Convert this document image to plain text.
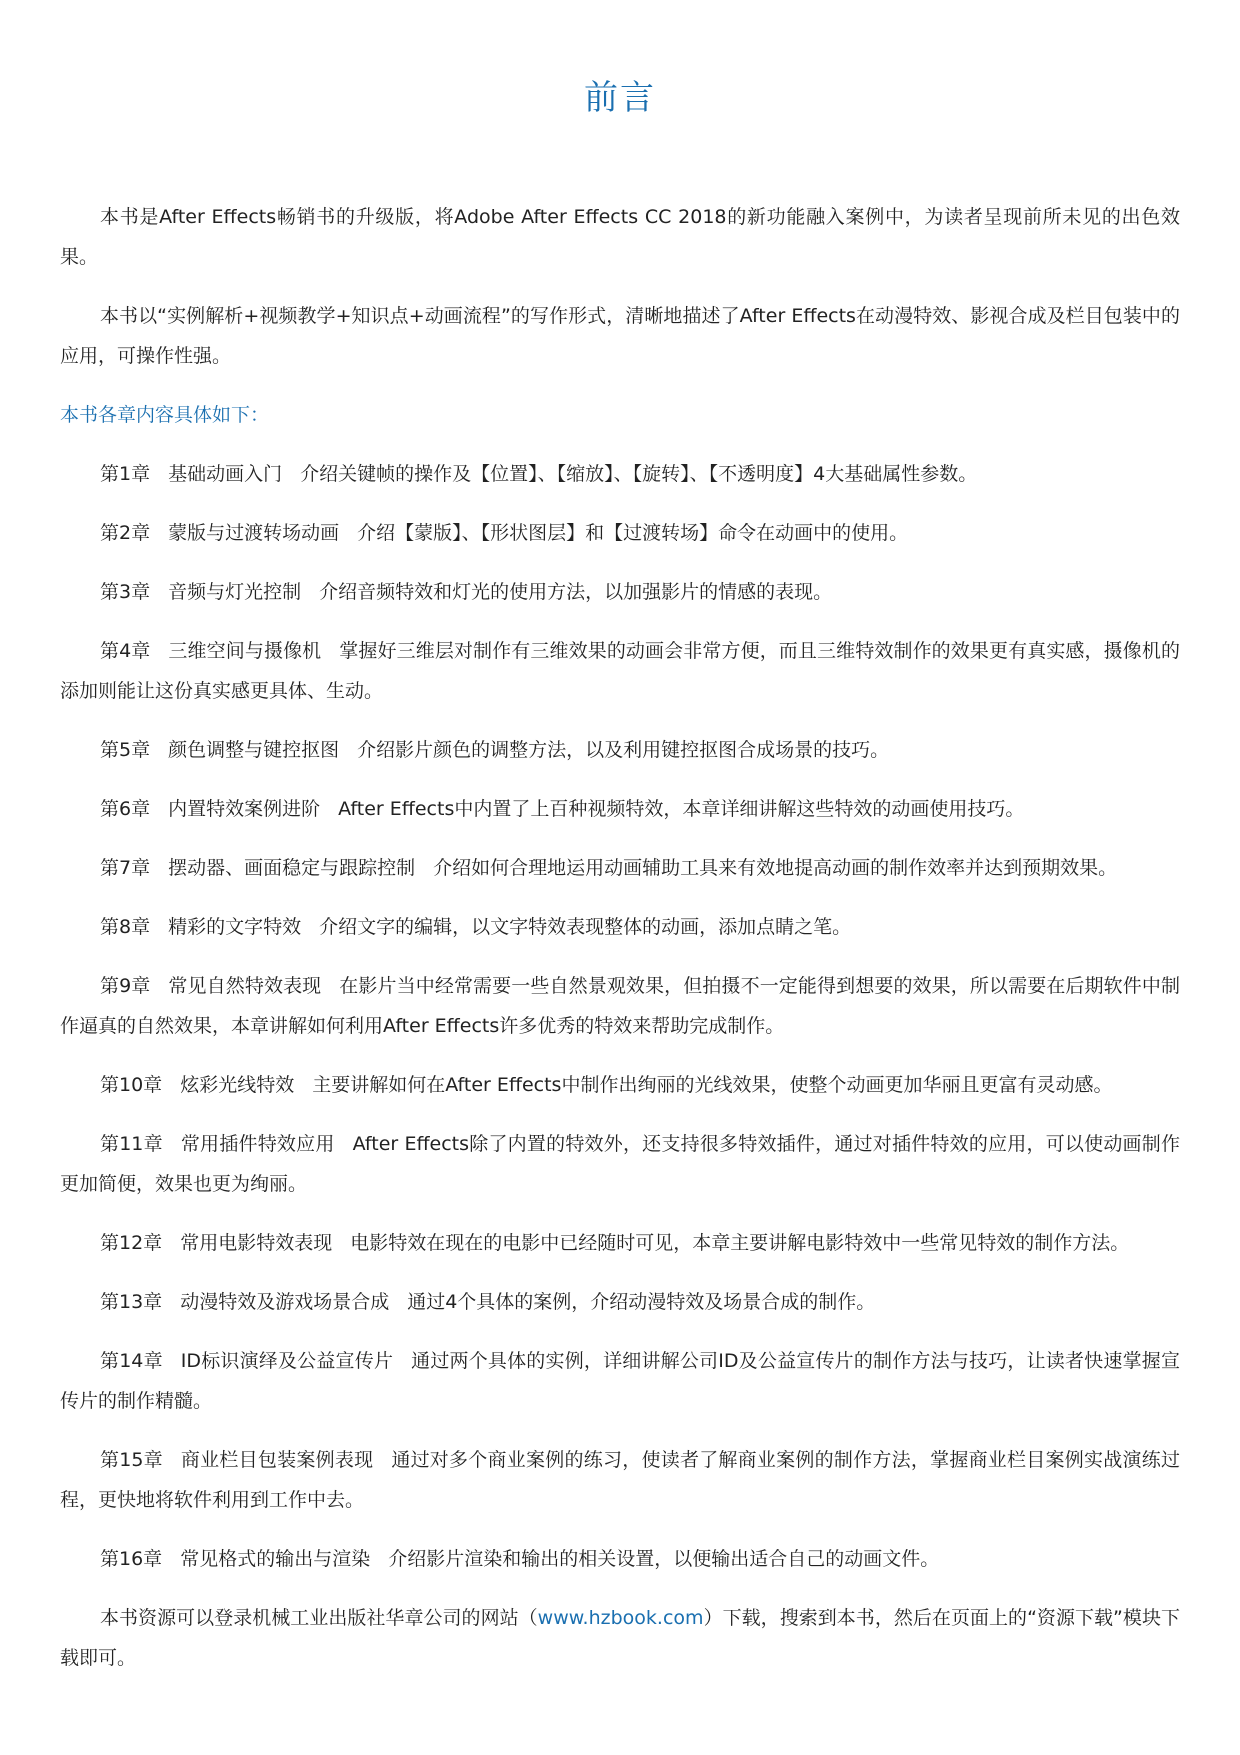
前言

本书是After Effects畅销书的升级版，将Adobe After Effects CC 2018的新功能融入案例中，为读者呈现前所未见的出色效果。

本书以“实例解析+视频教学+知识点+动画流程”的写作形式，清晰地描述了After Effects在动漫特效、影视合成及栏目包装中的应用，可操作性强。

本书各章内容具体如下：

第1章 基础动画入门 介绍关键帧的操作及【位置】、【缩放】、【旋转】、【不透明度】4大基础属性参数。

第2章 蒙版与过渡转场动画 介绍【蒙版】、【形状图层】和【过渡转场】命令在动画中的使用。

第3章 音频与灯光控制 介绍音频特效和灯光的使用方法，以加强影片的情感的表现。

第4章 三维空间与摄像机 掌握好三维层对制作有三维效果的动画会非常方便，而且三维特效制作的效果更有真实感，摄像机的添加则能让这份真实感更具体、生动。

第5章 颜色调整与键控抠图 介绍影片颜色的调整方法，以及利用键控抠图合成场景的技巧。

第6章 内置特效案例进阶 After Effects中内置了上百种视频特效，本章详细讲解这些特效的动画使用技巧。

第7章 摆动器、画面稳定与跟踪控制 介绍如何合理地运用动画辅助工具来有效地提高动画的制作效率并达到预期效果。

第8章 精彩的文字特效 介绍文字的编辑，以文字特效表现整体的动画，添加点睛之笔。

第9章 常见自然特效表现 在影片当中经常需要一些自然景观效果，但拍摄不一定能得到想要的效果，所以需要在后期软件中制作逼真的自然效果，本章讲解如何利用After Effects许多优秀的特效来帮助完成制作。

第10章 炫彩光线特效 主要讲解如何在After Effects中制作出绚丽的光线效果，使整个动画更加华丽且更富有灵动感。

第11章 常用插件特效应用 After Effects除了内置的特效外，还支持很多特效插件，通过对插件特效的应用，可以使动画制作更加简便，效果也更为绚丽。

第12章 常用电影特效表现 电影特效在现在的电影中已经随时可见，本章主要讲解电影特效中一些常见特效的制作方法。

第13章 动漫特效及游戏场景合成 通过4个具体的案例，介绍动漫特效及场景合成的制作。

第14章 ID标识演绎及公益宣传片 通过两个具体的实例，详细讲解公司ID及公益宣传片的制作方法与技巧，让读者快速掌握宣传片的制作精髓。

第15章 商业栏目包装案例表现 通过对多个商业案例的练习，使读者了解商业案例的制作方法，掌握商业栏目案例实战演练过程，更快地将软件利用到工作中去。

第16章 常见格式的输出与渲染 介绍影片渲染和输出的相关设置，以便输出适合自己的动画文件。

本书资源可以登录机械工业出版社华章公司的网站（www.hzbook.com）下载，搜索到本书，然后在页面上的“资源下载”模块下载即可。
